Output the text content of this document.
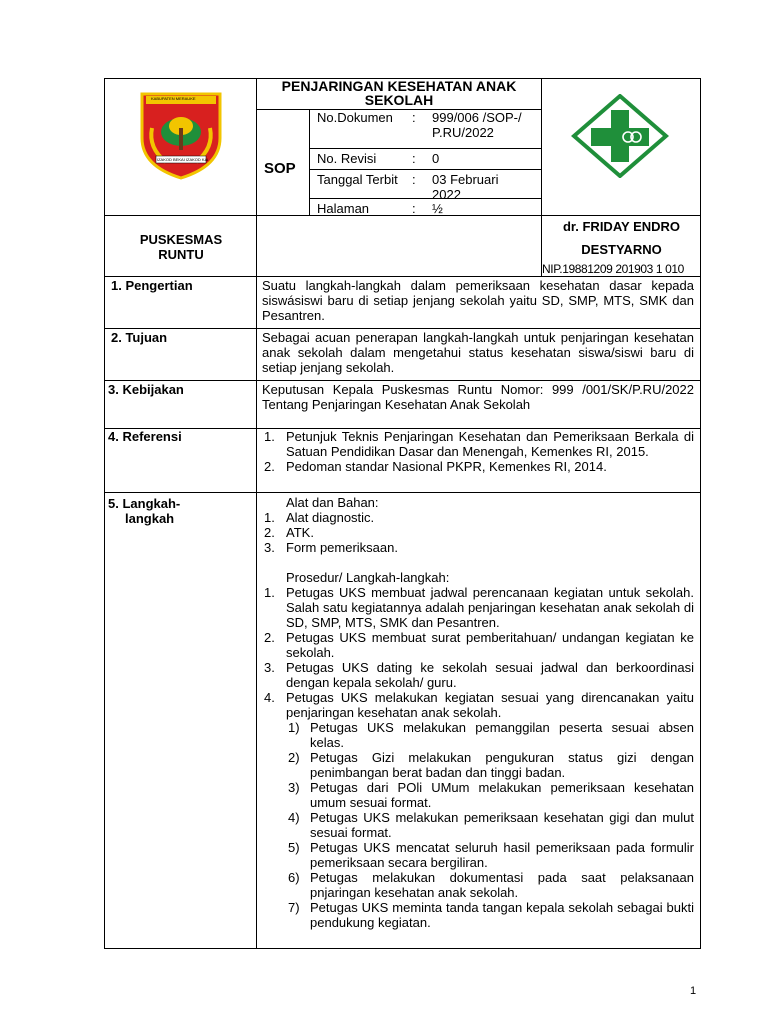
KABUPATEN MERAUKE
IZAKOD BEKAI IZAKOD KAI
PENJARINGAN KESEHATAN ANAK SEKOLAH
SOP
No.Dokumen : 999/006 /SOP-/P.RU/2022
No. Revisi	: 0
Tanggal Terbit : 03 Februari 2022
Halaman	: ½
PUSKESMAS RUNTU
dr. FRIDAY ENDRO DESTYARNO
NIP.19881209 201903 1 010
1. Pengertian	Suatu langkah-langkah dalam pemeriksaan kesehatan dasar kepada siswásiswi baru di setiap jenjang sekolah yaitu SD, SMP, MTS, SMK dan Pesantren.
2. Tujuan	Sebagai acuan penerapan langkah-langkah untuk penjaringan kesehatan anak sekolah dalam mengetahui status kesehatan siswa/siswi baru di setiap jenjang sekolah.
3. Kebijakan	Keputusan Kepala Puskesmas Runtu Nomor: 999 /001/SK/P.RU/2022 Tentang Penjaringan Kesehatan Anak Sekolah
4. Referensi	1. Petunjuk Teknis Penjaringan Kesehatan dan Pemeriksaan Berkala di Satuan Pendidikan Dasar dan Menengah, Kemenkes RI, 2015.
2. Pedoman standar Nasional PKPR, Kemenkes RI, 2014.
5. Langkah-
langkah
Alat dan Bahan:
1. Alat diagnostic.
2. ATK.
3. Form pemeriksaan.
Prosedur/ Langkah-langkah:
1. Petugas UKS membuat jadwal perencanaan kegiatan untuk sekolah. Salah satu kegiatannya adalah penjaringan kesehatan anak sekolah di SD, SMP, MTS, SMK dan Pesantren.
2. Petugas UKS membuat surat pemberitahuan/ undangan kegiatan ke sekolah.
3. Petugas UKS dating ke sekolah sesuai jadwal dan berkoordinasi dengan kepala sekolah/ guru.
4. Petugas UKS melakukan kegiatan sesuai yang direncanakan yaitu penjaringan kesehatan anak sekolah.
1) Petugas UKS melakukan pemanggilan peserta sesuai absen kelas.
2) Petugas Gizi melakukan pengukuran status gizi dengan penimbangan berat badan dan tinggi badan.
3) Petugas dari POli UMum melakukan pemeriksaan kesehatan umum sesuai format.
4) Petugas UKS melakukan pemeriksaan kesehatan gigi dan mulut sesuai format.
5) Petugas UKS mencatat seluruh hasil pemeriksaan pada formulir pemeriksaan secara bergiliran.
6) Petugas melakukan dokumentasi pada saat pelaksanaan pnjaringan kesehatan anak sekolah.
7) Petugas UKS meminta tanda tangan kepala sekolah sebagai bukti pendukung kegiatan.
1
